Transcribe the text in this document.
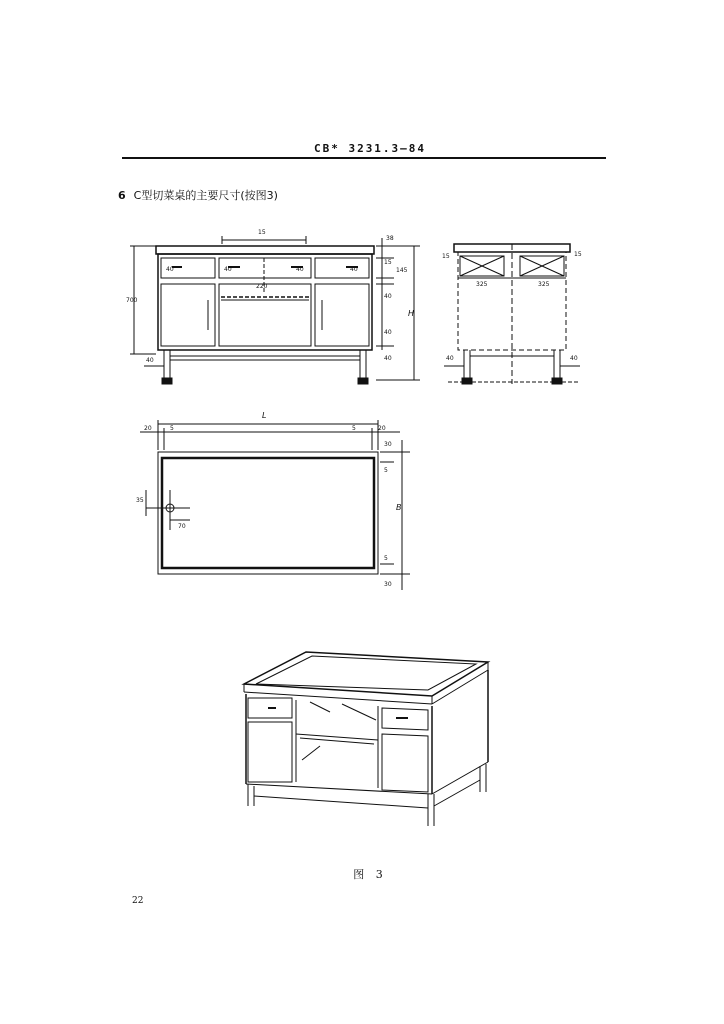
CB* 3231.3—84
6 C型切菜桌的主要尺寸(按图3)
15
38
40	40	40	40	145
15
40
40
40
220
700
H
40
15	15
325	325
40	40
L
20	5	5	20
30
30
5
5
B
35
70
图 3
22
